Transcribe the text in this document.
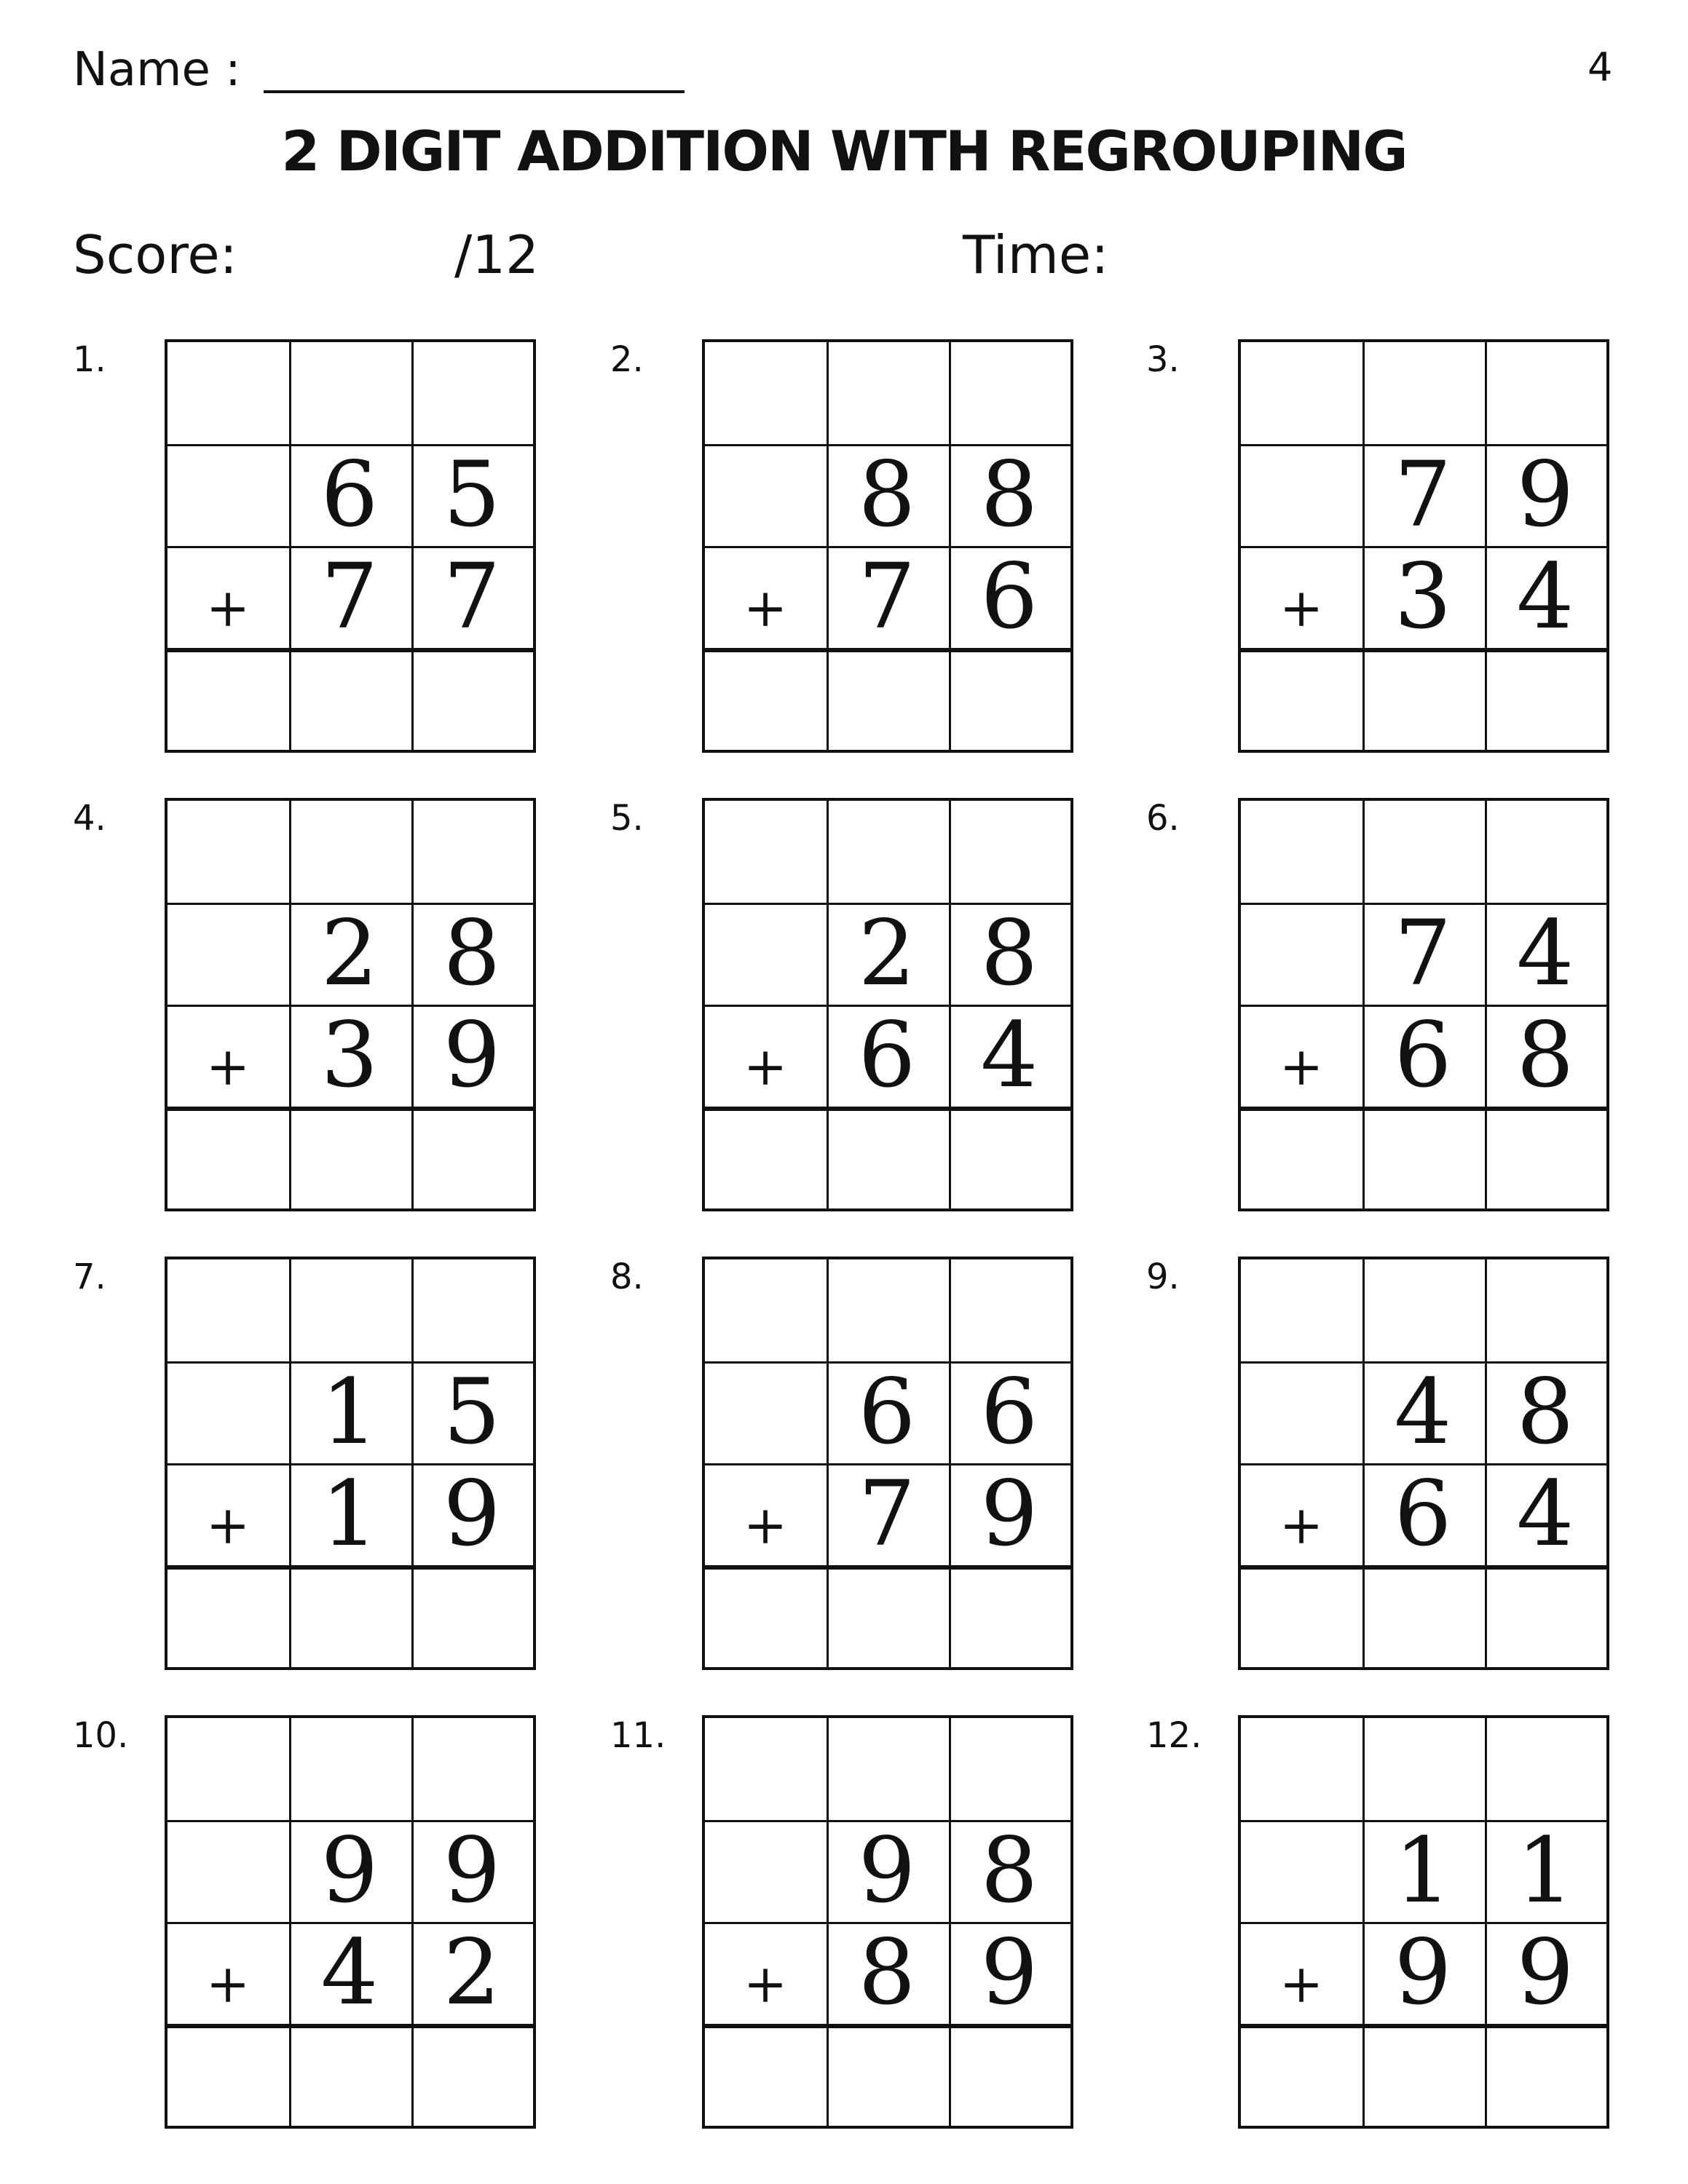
Name :	4
2 DIGIT ADDITION WITH REGROUPING
Score:	/12	Time:
1.
6 5
+ 7 7
2.
8 8
+ 7 6
3.
7 9
+ 3 4
4.
2 8
+ 3 9
5.
2 8
+ 6 4
6.
7 4
+ 6 8
7.
1 5
+ 1 9
8.
6 6
+ 7 9
9.
4 8
+ 6 4
10.
9 9
+ 4 2
11.
9 8
+ 8 9
12.
1 1
+ 9 9
